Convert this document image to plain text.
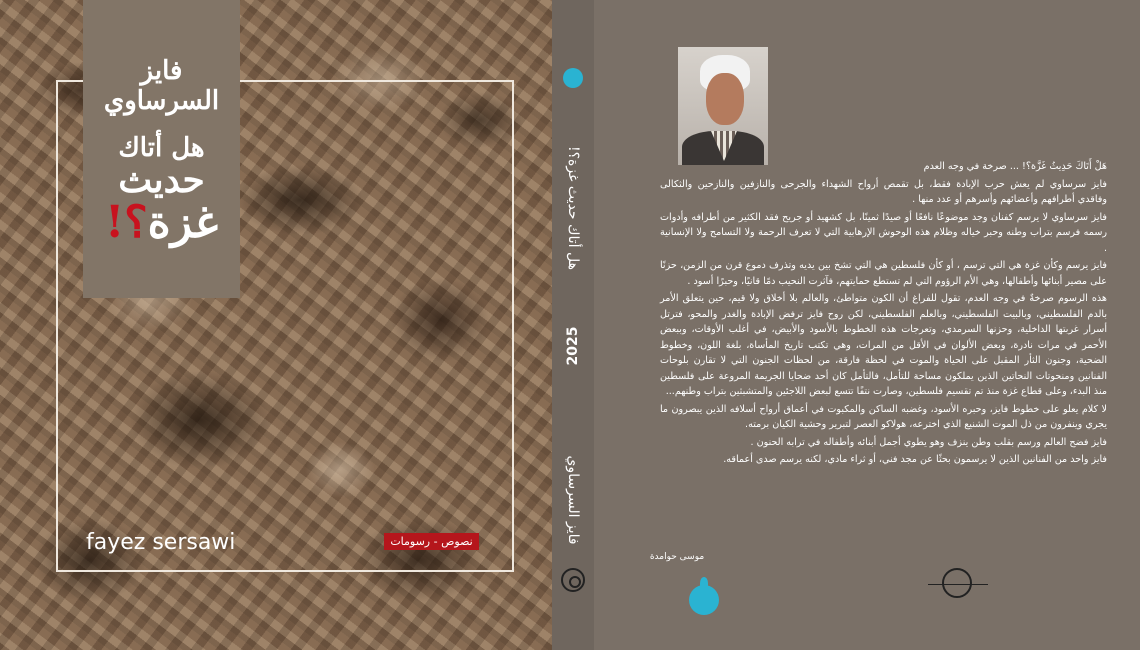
فايز السرساوي
هل أتاك
حديث
غزة؟!
fayez sersawi	نصوص - رسومات
هل أتاك حديث غزة؟!
2025
فايز السرساوي

هَلْ أَتَاكَ حَدِيثُ غَزَّة؟! ... صرخة في وجه العدم

فايز سرساوي لم يعش حرب الإبادة فقط، بل تقمص أرواح الشهداء والجرحى والنازفين والنازحين والثكالى وفاقدي أطرافهم وأعضائهم وأسرهم أو عدد منها .

فايز سرساوي لا يرسم كفنان وجد موضوعًا نافعًا أو صيدًا ثمينًا، بل كشهيد أو جريح فقد الكثير من أطرافه وأدوات رسمه فرسم بتراب وطنه وحبر خياله وظلام هذه الوحوش الإرهابية التي لا تعرف الرحمة ولا التسامح ولا الإنسانية .

فايز يرسم وكأن غزة هي التي ترسم ، أو كأن فلسطين هي التي تشخ بين يديه وتذرف دموع قرن من الزمن، حزنًا على مصير أبنائها وأطفالها، وهي الأم الرؤوم التي لم تستطع حمايتهم، فآثرت النحيب دمًا قانيًا، وحبرًا أسود .

هذه الرسوم صرخةٌ في وجه العدم، تقول للفراغ أن الكون متواطئ، والعالم بلا أخلاق ولا قيم، حين يتعلق الأمر بالدم الفلسطيني، وبالبيت الفلسطيني، وبالعلم الفلسطيني، لكن روح فايز ترفض الإبادة والغدر والمحو، فترتل أسرار غربتها الداخلية، وحزنها السرمدي، وتعرجات هذه الخطوط بالأسود والأبيض، في أغلب الأوقات، وببعض الأحمر في مرات نادرة، وبعض الألوان في الأقل من المرات، وهي تكتب تاريخ المأساة، بلغة اللون، وخطوط الضحية، وجنون الثأر المقبل على الحياة والموت في لحظة فارقة، من لحظات الجنون التي لا تقارن بلوحات الفنانين ومنحوتات النحاتين الذين يملكون مساحة للتأمل، فالتأمل كان أحد ضحايا الجريمة المروعة على فلسطين منذ البدء، وعلى قطاع غزة منذ تم تقسيم فلسطين، وصارت نتفًا تتسع لبعض اللاجئين والمتشبثين بتراب وطنهم...

لا كلام يعلو على خطوط فايز، وحبره الأسود، وغضبه الساكن والمكبوت في أعماق أرواح أسلافه الذين يبصرون ما يجري وينفرون من ذل الموت الشنيع الذي اخترعه، هولاكو العصر لتبرير وحشية الكيان برمته.

فايز فضح العالم ورسم بقلب وطن ينزف وهو يطوي أجمل أبنائه وأطفاله في ترابه الحنون .

فايز واحد من الفنانين الذين لا يرسمون بحثًا عن مجد فني، أو ثراء مادي، لكنه يرسم صدى أعماقه.

موسى حوامدة
